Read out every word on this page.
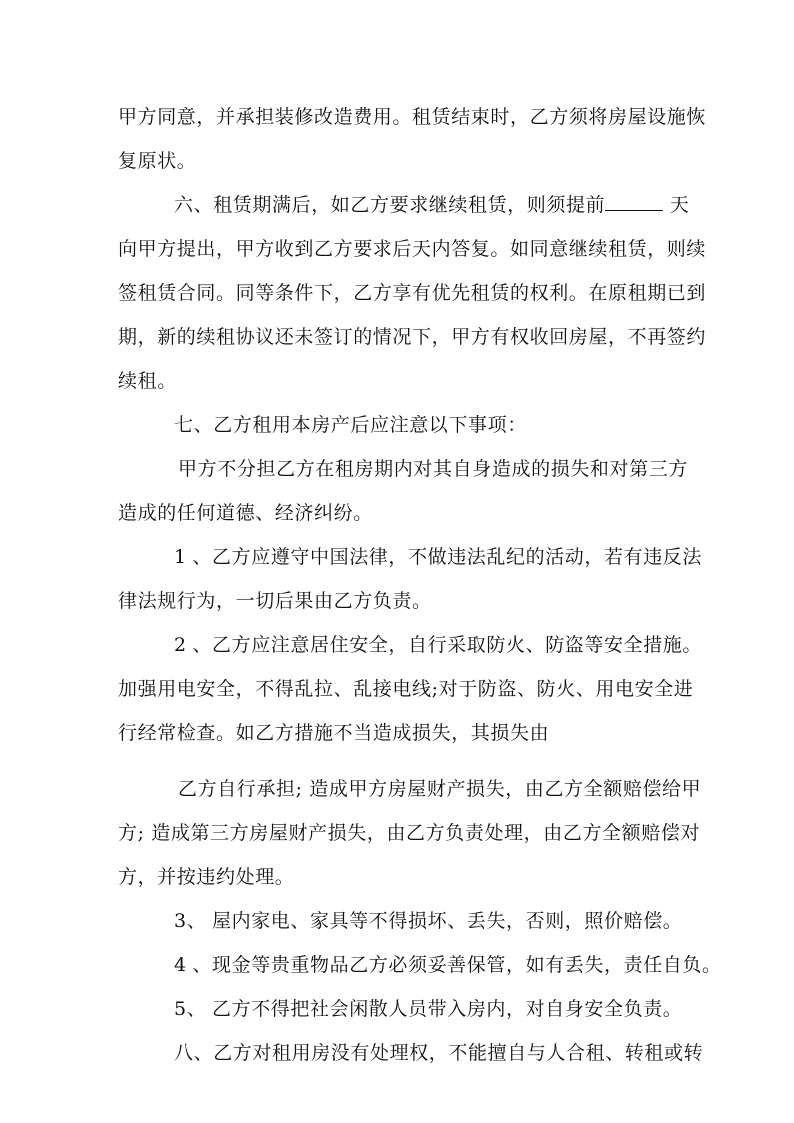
甲方同意，并承担装修改造费用。租赁结束时，乙方须将房屋设施恢
复原状。
六、租赁期满后，如乙方要求继续租赁，则须提前	天
向甲方提出，甲方收到乙方要求后天内答复。如同意继续租赁，则续
签租赁合同。同等条件下，乙方享有优先租赁的权利。在原租期已到
期，新的续租协议还未签订的情况下，甲方有权收回房屋，不再签约
续租。
七、乙方租用本房产后应注意以下事项：
甲方不分担乙方在租房期内对其自身造成的损失和对第三方
造成的任何道德、经济纠纷。
1、乙方应遵守中国法律，不做违法乱纪的活动，若有违反法
律法规行为，一切后果由乙方负责。
2、乙方应注意居住安全，自行采取防火、防盗等安全措施。
加强用电安全，不得乱拉、乱接电线;对于防盗、防火、用电安全进
行经常检查。如乙方措施不当造成损失，其损失由
乙方自行承担; 造成甲方房屋财产损失，由乙方全额赔偿给甲
方; 造成第三方房屋财产损失，由乙方负责处理，由乙方全额赔偿对
方，并按违约处理。
3、 屋内家电、家具等不得损坏、丢失，否则，照价赔偿。
4、现金等贵重物品乙方必须妥善保管，如有丢失，责任自负。
5、 乙方不得把社会闲散人员带入房内，对自身安全负责。
八、乙方对租用房没有处理权，不能擅自与人合租、转租或转
